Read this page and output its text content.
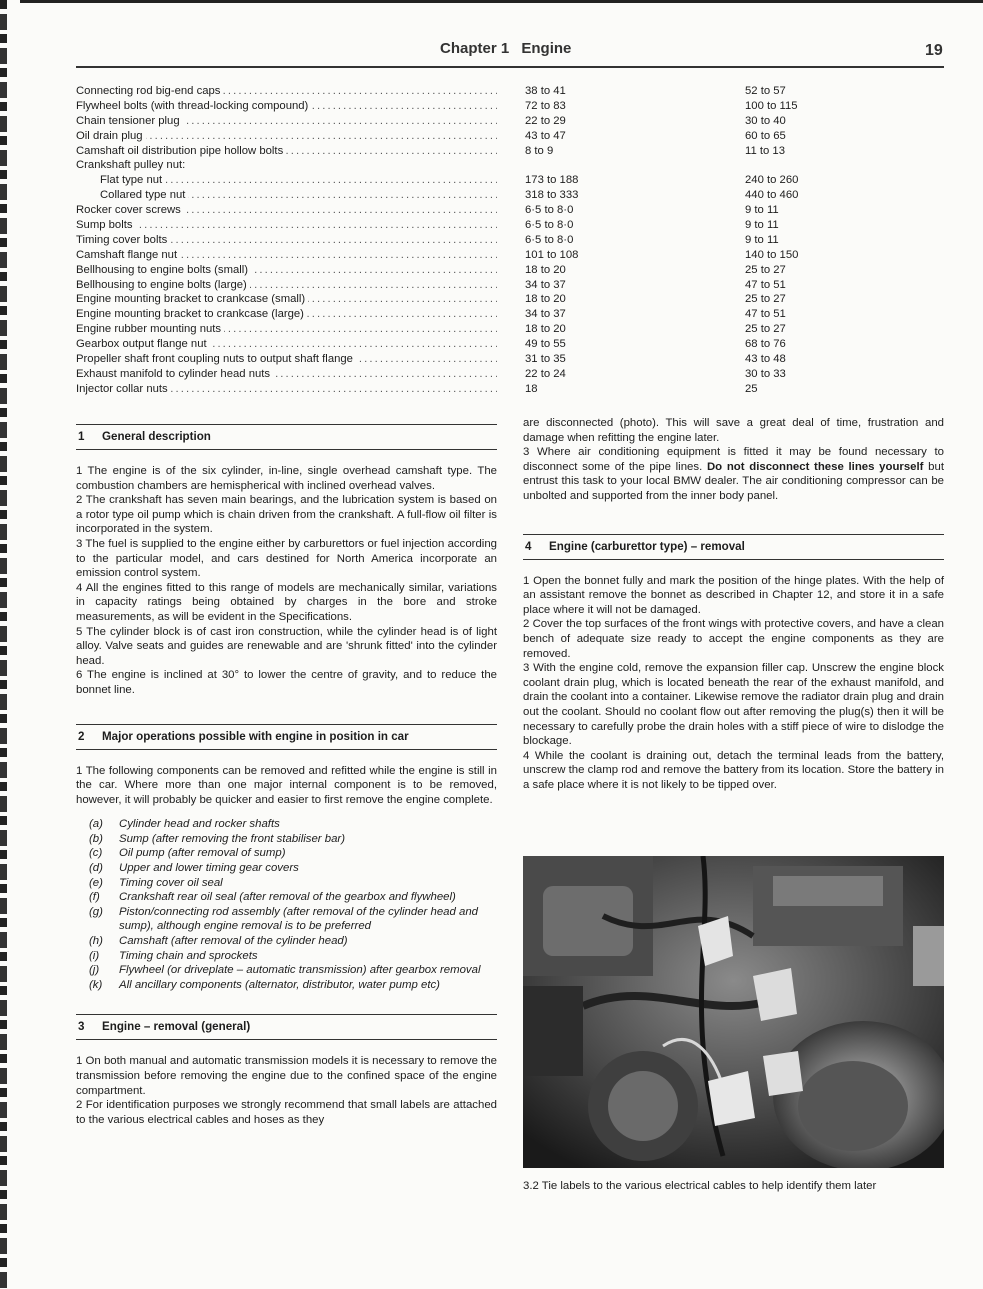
Chapter 1 Engine	19
Connecting rod big-end caps .....	38 to 41	52 to 57
Flywheel bolts (with thread-locking compound) .....	72 to 83	100 to 115
Chain tensioner plug .....	22 to 29	30 to 40
Oil drain plug .....	43 to 47	60 to 65
Camshaft oil distribution pipe hollow bolts .....	8 to 9	11 to 13
Crankshaft pulley nut:
Flat type nut .....	173 to 188	240 to 260
Collared type nut .....	318 to 333	440 to 460
Rocker cover screws .....	6·5 to 8·0	9 to 11
Sump bolts .....	6·5 to 8·0	9 to 11
Timing cover bolts .....	6·5 to 8·0	9 to 11
Camshaft flange nut .....	101 to 108	140 to 150
Bellhousing to engine bolts (small) .....	18 to 20	25 to 27
Bellhousing to engine bolts (large) .....	34 to 37	47 to 51
Engine mounting bracket to crankcase (small) .....	18 to 20	25 to 27
Engine mounting bracket to crankcase (large) .....	34 to 37	47 to 51
Engine rubber mounting nuts .....	18 to 20	25 to 27
Gearbox output flange nut .....	49 to 55	68 to 76
Propeller shaft front coupling nuts to output shaft flange .....	31 to 35	43 to 48
Exhaust manifold to cylinder head nuts .....	22 to 24	30 to 33
Injector collar nuts .....	18	25
1 General description

1 The engine is of the six cylinder, in-line, single overhead camshaft type. The combustion chambers are hemispherical with inclined overhead valves.

2 The crankshaft has seven main bearings, and the lubrication system is based on a rotor type oil pump which is chain driven from the crankshaft. A full-flow oil filter is incorporated in the system.

3 The fuel is supplied to the engine either by carburettors or fuel injection according to the particular model, and cars destined for North America incorporate an emission control system.

4 All the engines fitted to this range of models are mechanically similar, variations in capacity ratings being obtained by charges in the bore and stroke measurements, as will be evident in the Specifications.

5 The cylinder block is of cast iron construction, while the cylinder head is of light alloy. Valve seats and guides are renewable and are 'shrunk fitted' into the cylinder head.

6 The engine is inclined at 30° to lower the centre of gravity, and to reduce the bonnet line.

2 Major operations possible with engine in position in car

1 The following components can be removed and refitted while the engine is still in the car. Where more than one major internal component is to be removed, however, it will probably be quicker and easier to first remove the engine complete.

(a)	Cylinder head and rocker shafts
(b)	Sump (after removing the front stabiliser bar)
(c)	Oil pump (after removal of sump)
(d)	Upper and lower timing gear covers
(e)	Timing cover oil seal
(f)	Crankshaft rear oil seal (after removal of the gearbox and flywheel)
(g)	Piston/connecting rod assembly (after removal of the cylinder head and sump), although engine removal is to be preferred
(h)	Camshaft (after removal of the cylinder head)
(i)	Timing chain and sprockets
(j)	Flywheel (or driveplate – automatic transmission) after gearbox removal
(k)	All ancillary components (alternator, distributor, water pump etc)
3 Engine – removal (general)

1 On both manual and automatic transmission models it is necessary to remove the transmission before removing the engine due to the confined space of the engine compartment.

2 For identification purposes we strongly recommend that small labels are attached to the various electrical cables and hoses as they

are disconnected (photo). This will save a great deal of time, frustration and damage when refitting the engine later.

3 Where air conditioning equipment is fitted it may be found necessary to disconnect some of the pipe lines. Do not disconnect these lines yourself but entrust this task to your local BMW dealer. The air conditioning compressor can be unbolted and supported from the inner body panel.

4 Engine (carburettor type) – removal

1 Open the bonnet fully and mark the position of the hinge plates. With the help of an assistant remove the bonnet as described in Chapter 12, and store it in a safe place where it will not be damaged.

2 Cover the top surfaces of the front wings with protective covers, and have a clean bench of adequate size ready to accept the engine components as they are removed.

3 With the engine cold, remove the expansion filler cap. Unscrew the engine block coolant drain plug, which is located beneath the rear of the exhaust manifold, and drain the coolant into a container. Likewise remove the radiator drain plug and drain out the coolant. Should no coolant flow out after removing the plug(s) then it will be necessary to carefully probe the drain holes with a stiff piece of wire to dislodge the blockage.

4 While the coolant is draining out, detach the terminal leads from the battery, unscrew the clamp rod and remove the battery from its location. Store the battery in a safe place where it is not likely to be tipped over.

3.2 Tie labels to the various electrical cables to help identify them later
